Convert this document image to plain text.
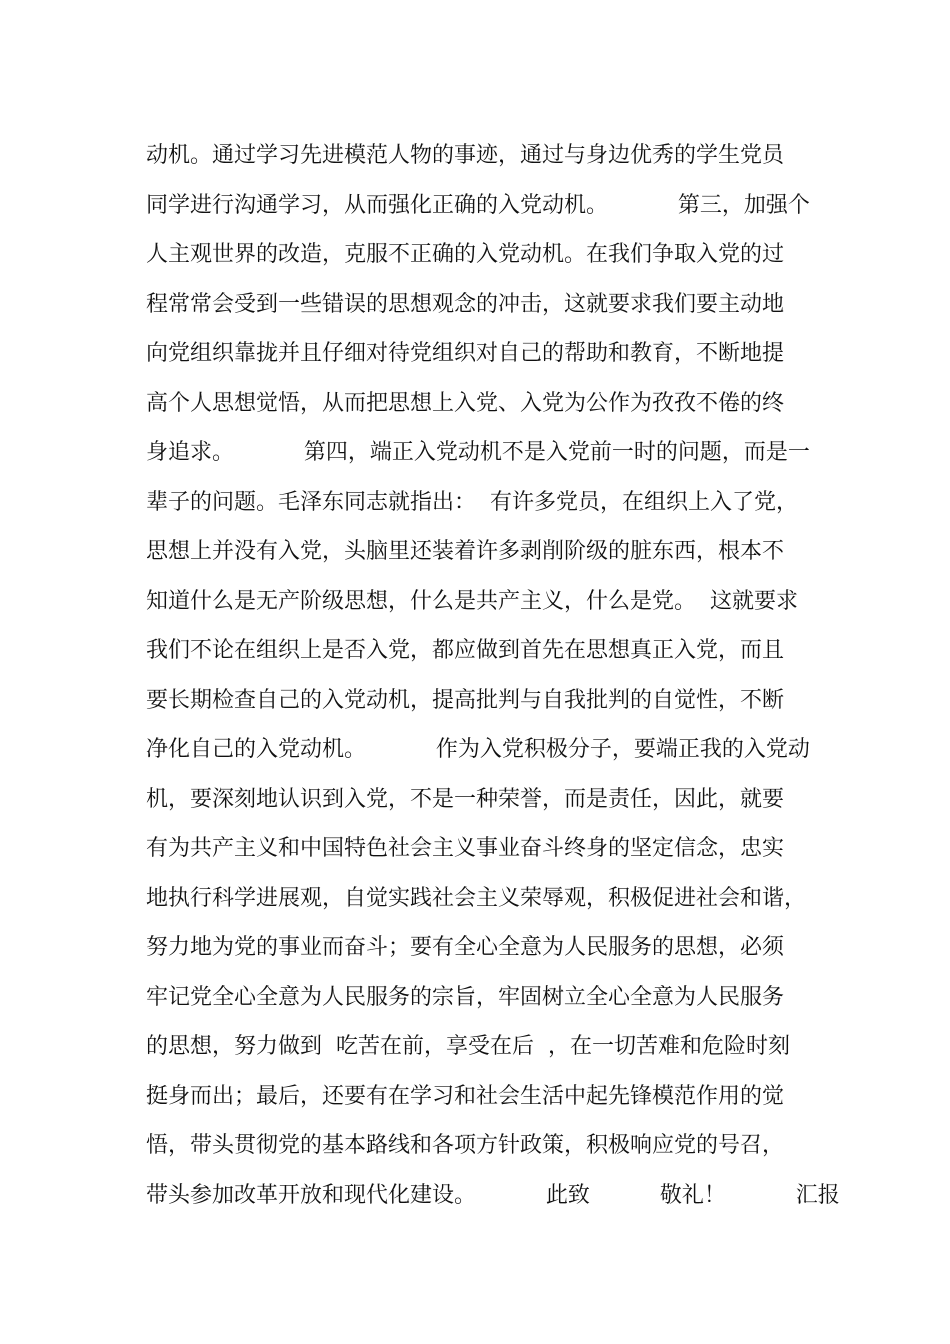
动机。通过学习先进模范人物的事迹，通过与身边优秀的学生党员
同学进行沟通学习，从而强化正确的入党动机。          第三，加强个
人主观世界的改造，克服不正确的入党动机。在我们争取入党的过
程常常会受到一些错误的思想观念的冲击，这就要求我们要主动地
向党组织靠拢并且仔细对待党组织对自己的帮助和教育，不断地提
高个人思想觉悟，从而把思想上入党、入党为公作为孜孜不倦的终
身追求。          第四，端正入党动机不是入党前一时的问题，而是一
辈子的问题。毛泽东同志就指出：  有许多党员，在组织上入了党，
思想上并没有入党，头脑里还装着许多剥削阶级的脏东西，根本不
知道什么是无产阶级思想，什么是共产主义，什么是党。  这就要求
我们不论在组织上是否入党，都应做到首先在思想真正入党，而且
要长期检查自己的入党动机，提高批判与自我批判的自觉性，不断
净化自己的入党动机。          作为入党积极分子，要端正我的入党动
机，要深刻地认识到入党，不是一种荣誉，而是责任，因此，就要
有为共产主义和中国特色社会主义事业奋斗终身的坚定信念，忠实
地执行科学进展观，自觉实践社会主义荣辱观，积极促进社会和谐，
努力地为党的事业而奋斗；要有全心全意为人民服务的思想，必须
牢记党全心全意为人民服务的宗旨，牢固树立全心全意为人民服务
的思想，努力做到  吃苦在前，享受在后  ，在一切苦难和危险时刻
挺身而出；最后，还要有在学习和社会生活中起先锋模范作用的觉
悟，带头贯彻党的基本路线和各项方针政策，积极响应党的号召，
带头参加改革开放和现代化建设。          此致          敬礼！          汇报
